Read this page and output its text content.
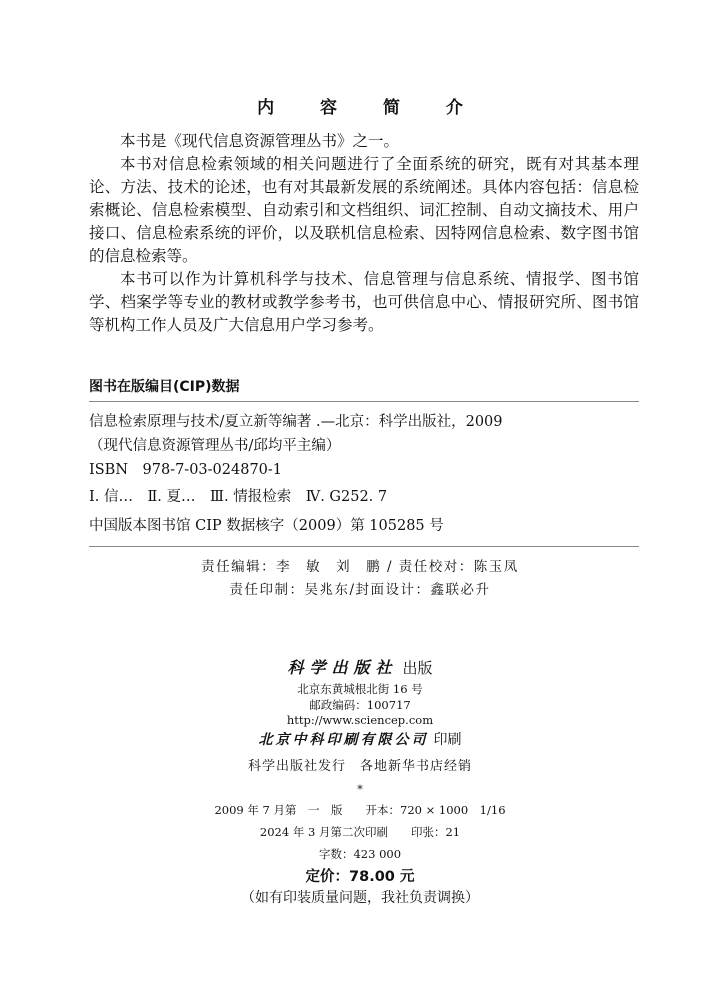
内 容 简 介

本书是《现代信息资源管理丛书》之一。

本书对信息检索领域的相关问题进行了全面系统的研究，既有对其基本理论、方法、技术的论述，也有对其最新发展的系统阐述。具体内容包括：信息检索概论、信息检索模型、自动索引和文档组织、词汇控制、自动文摘技术、用户接口、信息检索系统的评价，以及联机信息检索、因特网信息检索、数字图书馆的信息检索等。

本书可以作为计算机科学与技术、信息管理与信息系统、情报学、图书馆学、档案学等专业的教材或教学参考书，也可供信息中心、情报研究所、图书馆等机构工作人员及广大信息用户学习参考。

图书在版编目(CIP)数据
信息检索原理与技术/夏立新等编著 .—北京：科学出版社，2009
（现代信息资源管理丛书/邱均平主编）
ISBN　978-7-03-024870-1
Ⅰ. 信…　Ⅱ. 夏…　Ⅲ. 情报检索　Ⅳ. G252. 7
中国版本图书馆 CIP 数据核字（2009）第 105285 号
责任编辑：李　敏　刘　鹏 / 责任校对：陈玉凤
责任印制：吴兆东/封面设计：鑫联必升
科学出版社 出版
北京东黄城根北街 16 号
邮政编码：100717
http://www.sciencep.com
北京中科印刷有限公司 印刷
科学出版社发行　各地新华书店经销
*
2009 年 7 月第　一　版　　开本：720 × 1000　1/16
2024 年 3 月第二次印刷　　印张：21
字数：423 000
定价：78.00 元
（如有印装质量问题，我社负责调换）
